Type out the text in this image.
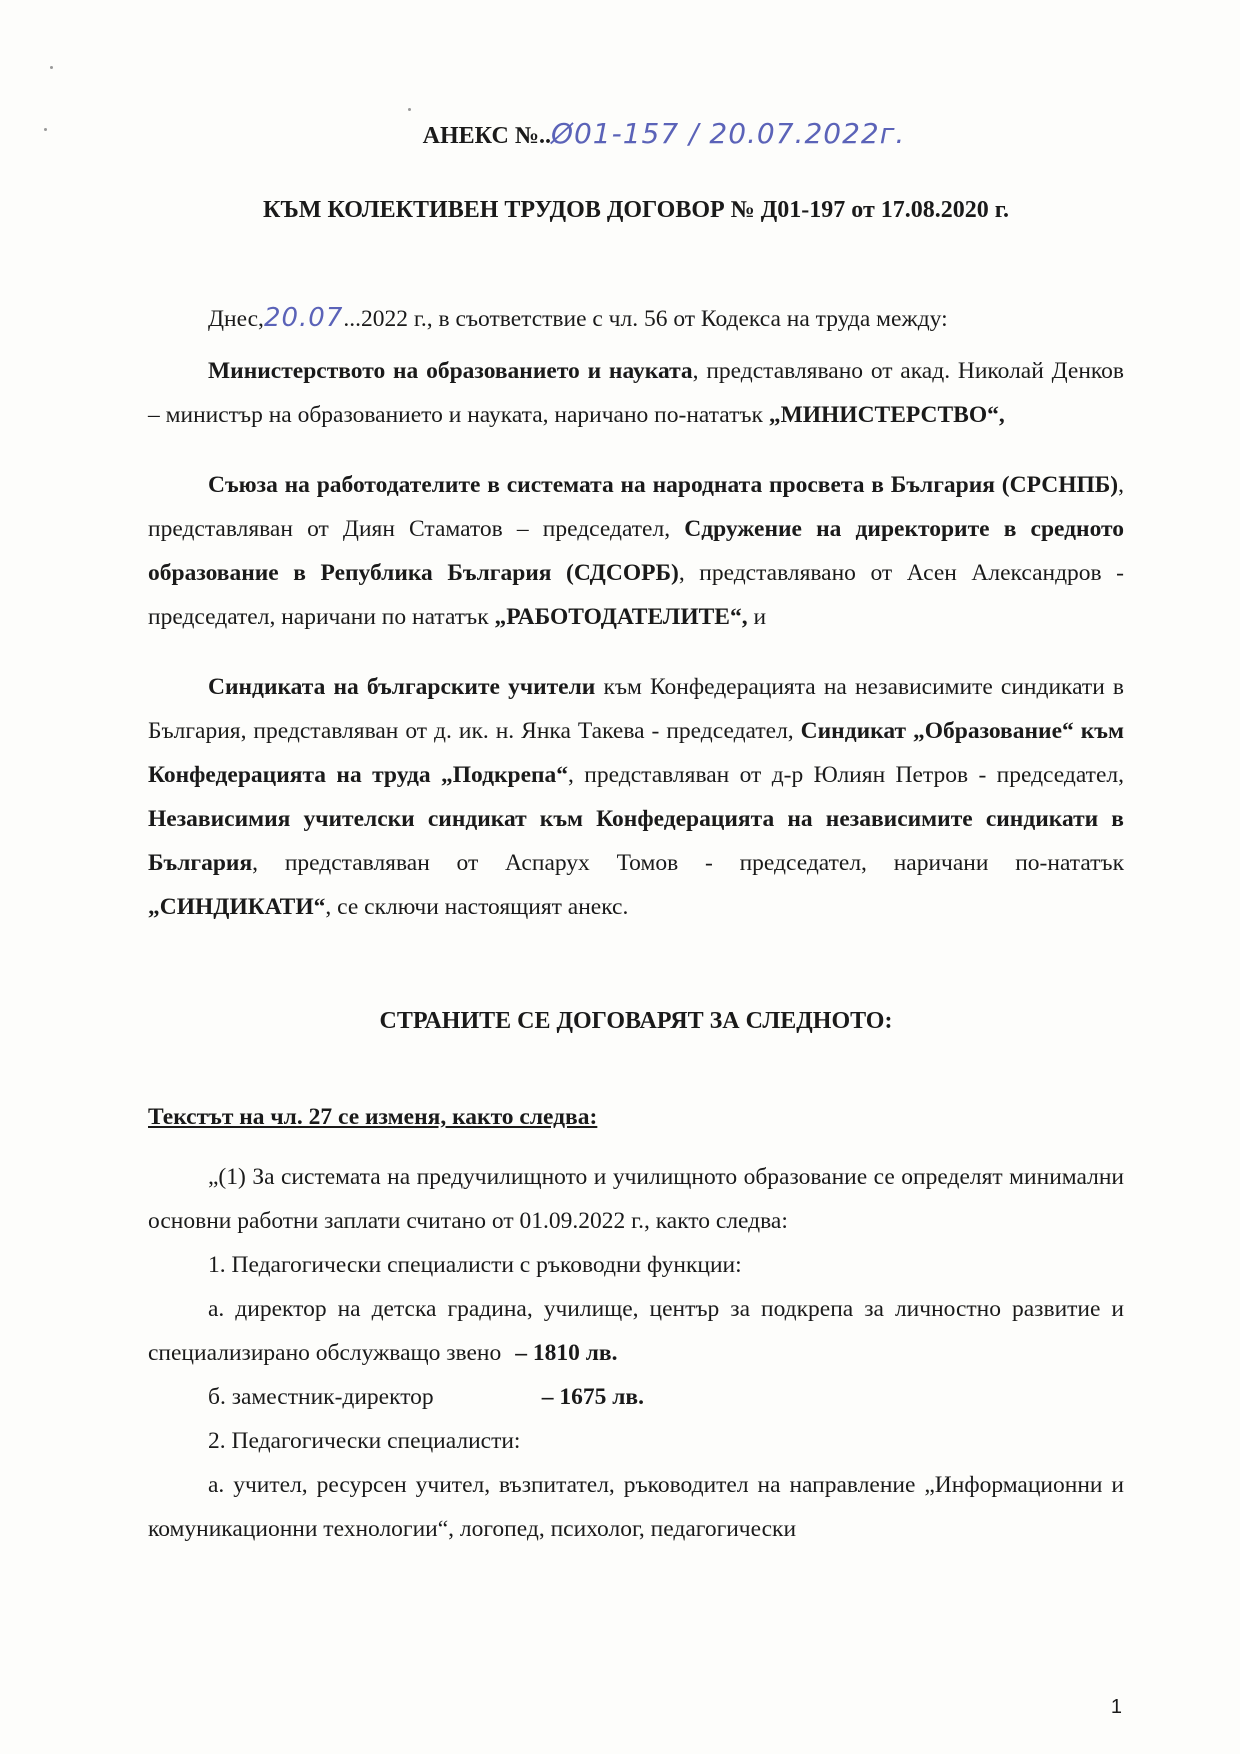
АНЕКС №..Ø01-157 / 20.07.2022г.
КЪМ КОЛЕКТИВЕН ТРУДОВ ДОГОВОР № Д01-197 от 17.08.2020 г.

Днес,20.07...2022 г., в съответствие с чл. 56 от Кодекса на труда между:

Министерството на образованието и науката, представлявано от акад. Николай Денков – министър на образованието и науката, наричано по-нататък „МИНИСТЕРСТВО“,

Съюза на работодателите в системата на народната просвета в България (СРСНПБ), представляван от Диян Стаматов – председател, Сдружение на директорите в средното образование в Република България (СДСОРБ), представлявано от Асен Александров - председател, наричани по нататък „РАБОТОДАТЕЛИТЕ“, и

Синдиката на българските учители към Конфедерацията на независимите синдикати в България, представляван от д. ик. н. Янка Такева - председател, Синдикат „Образование“ към Конфедерацията на труда „Подкрепа“, представляван от д-р Юлиян Петров - председател, Независимия учителски синдикат към Конфедерацията на независимите синдикати в България, представляван от Аспарух Томов - председател, наричани по-нататък „СИНДИКАТИ“, се сключи настоящият анекс.

СТРАНИТЕ СЕ ДОГОВАРЯТ ЗА СЛЕДНОТО:
Текстът на чл. 27 се изменя, както следва:

„(1) За системата на предучилищното и училищното образование се определят минимални основни работни заплати считано от 01.09.2022 г., както следва:

1. Педагогически специалисти с ръководни функции:

а. директор на детска градина, училище, център за подкрепа за личностно развитие и специализирано обслужващо звено – 1810 лв.

б. заместник-директор	– 1675 лв.

2. Педагогически специалисти:

а. учител, ресурсен учител, възпитател, ръководител на направление „Информационни и комуникационни технологии“, логопед, психолог, педагогически

1
